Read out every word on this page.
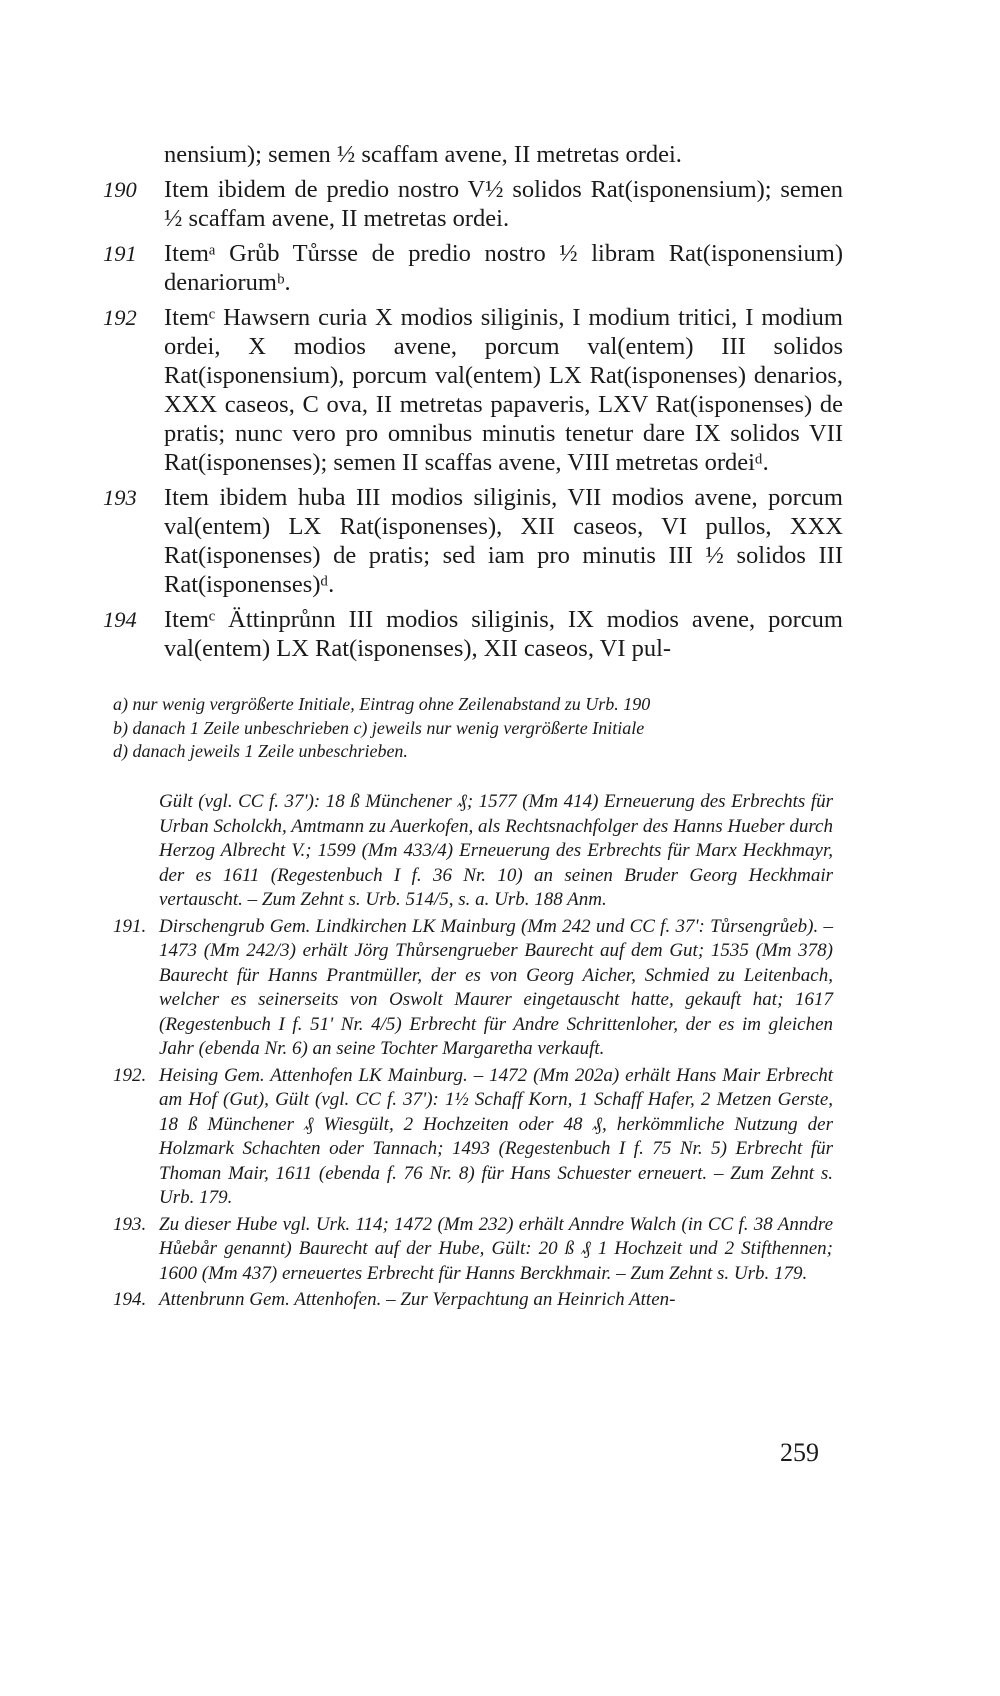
nensium); semen ½ scaffam avene, II metretas ordei.

190	Item ibidem de predio nostro V½ solidos Rat(isponensium); semen ½ scaffam avene, II metretas ordei.

191	Itemᵃ Grůb Tůrsse de predio nostro ½ libram Rat(isponensium) denariorumᵇ.

192	Itemᶜ Hawsern curia X modios siliginis, I modium tritici, I modium ordei, X modios avene, porcum val(entem) III solidos Rat(isponensium), porcum val(entem) LX Rat(isponenses) denarios, XXX caseos, C ova, II metretas papaveris, LXV Rat(isponenses) de pratis; nunc vero pro omnibus minutis tenetur dare IX solidos VII Rat(isponenses); semen II scaffas avene, VIII metretas ordeiᵈ.

193	Item ibidem huba III modios siliginis, VII modios avene, porcum val(entem) LX Rat(isponenses), XII caseos, VI pullos, XXX Rat(isponenses) de pratis; sed iam pro minutis III ½ solidos III Rat(isponenses)ᵈ.

194	Itemᶜ Ättinprůnn III modios siliginis, IX modios avene, porcum val(entem) LX Rat(isponenses), XII caseos, VI pul-

a) nur wenig vergrößerte Initiale, Eintrag ohne Zeilenabstand zu Urb. 190

b) danach 1 Zeile unbeschrieben c) jeweils nur wenig vergrößerte Initiale

d) danach jeweils 1 Zeile unbeschrieben.

Gült (vgl. CC f. 37'): 18 ß Münchener ₰; 1577 (Mm 414) Erneuerung des Erbrechts für Urban Scholckh, Amtmann zu Auerkofen, als Rechtsnachfolger des Hanns Hueber durch Herzog Albrecht V.; 1599 (Mm 433/4) Erneuerung des Erbrechts für Marx Heckhmayr, der es 1611 (Regestenbuch I f. 36 Nr. 10) an seinen Bruder Georg Heckhmair vertauscht. – Zum Zehnt s. Urb. 514/5, s. a. Urb. 188 Anm.
191. Dirschengrub Gem. Lindkirchen LK Mainburg (Mm 242 und CC f. 37': Tůrsengrůeb). – 1473 (Mm 242/3) erhält Jörg Thůrsengrueber Baurecht auf dem Gut; 1535 (Mm 378) Baurecht für Hanns Prantmüller, der es von Georg Aicher, Schmied zu Leitenbach, welcher es seinerseits von Oswolt Maurer eingetauscht hatte, gekauft hat; 1617 (Regestenbuch I f. 51' Nr. 4/5) Erbrecht für Andre Schrittenloher, der es im gleichen Jahr (ebenda Nr. 6) an seine Tochter Margaretha verkauft.
192. Heising Gem. Attenhofen LK Mainburg. – 1472 (Mm 202a) erhält Hans Mair Erbrecht am Hof (Gut), Gült (vgl. CC f. 37'): 1½ Schaff Korn, 1 Schaff Hafer, 2 Metzen Gerste, 18 ß Münchener ₰ Wiesgült, 2 Hochzeiten oder 48 ₰, herkömmliche Nutzung der Holzmark Schachten oder Tannach; 1493 (Regestenbuch I f. 75 Nr. 5) Erbrecht für Thoman Mair, 1611 (ebenda f. 76 Nr. 8) für Hans Schuester erneuert. – Zum Zehnt s. Urb. 179.
193. Zu dieser Hube vgl. Urk. 114; 1472 (Mm 232) erhält Anndre Walch (in CC f. 38 Anndre Hůebår genannt) Baurecht auf der Hube, Gült: 20 ß ₰ 1 Hochzeit und 2 Stifthennen; 1600 (Mm 437) erneuertes Erbrecht für Hanns Berckhmair. – Zum Zehnt s. Urb. 179.
194. Attenbrunn Gem. Attenhofen. – Zur Verpachtung an Heinrich Atten-
259
